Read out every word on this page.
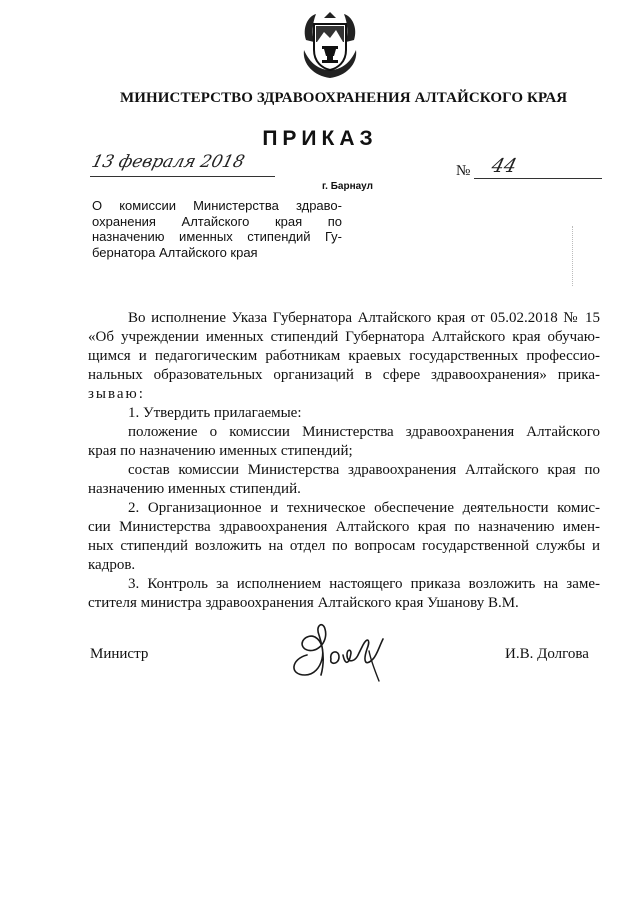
МИНИСТЕРСТВО ЗДРАВООХРАНЕНИЯ АЛТАЙСКОГО КРАЯ
ПРИКАЗ
13 февраля 2018
г. Барнаул
№ 44
О комиссии Министерства здраво-
охранения Алтайского края по
назначению именных стипендий Гу-
бернатора Алтайского края
Во исполнение Указа Губернатора Алтайского края от 05.02.2018 № 15
«Об учреждении именных стипендий Губернатора Алтайского края обучаю-
щимся и педагогическим работникам краевых государственных профессио-
нальных образовательных организаций в сфере здравоохранения» прика-
зываю:
1. Утвердить прилагаемые:
положение о комиссии Министерства здравоохранения Алтайского
края по назначению именных стипендий;
состав комиссии Министерства здравоохранения Алтайского края по
назначению именных стипендий.
2. Организационное и техническое обеспечение деятельности комис-
сии Министерства здравоохранения Алтайского края по назначению имен-
ных стипендий возложить на отдел по вопросам государственной службы и
кадров.
3. Контроль за исполнением настоящего приказа возложить на заме-
стителя министра здравоохранения Алтайского края Ушанову В.М.
Министр	И.В. Долгова
